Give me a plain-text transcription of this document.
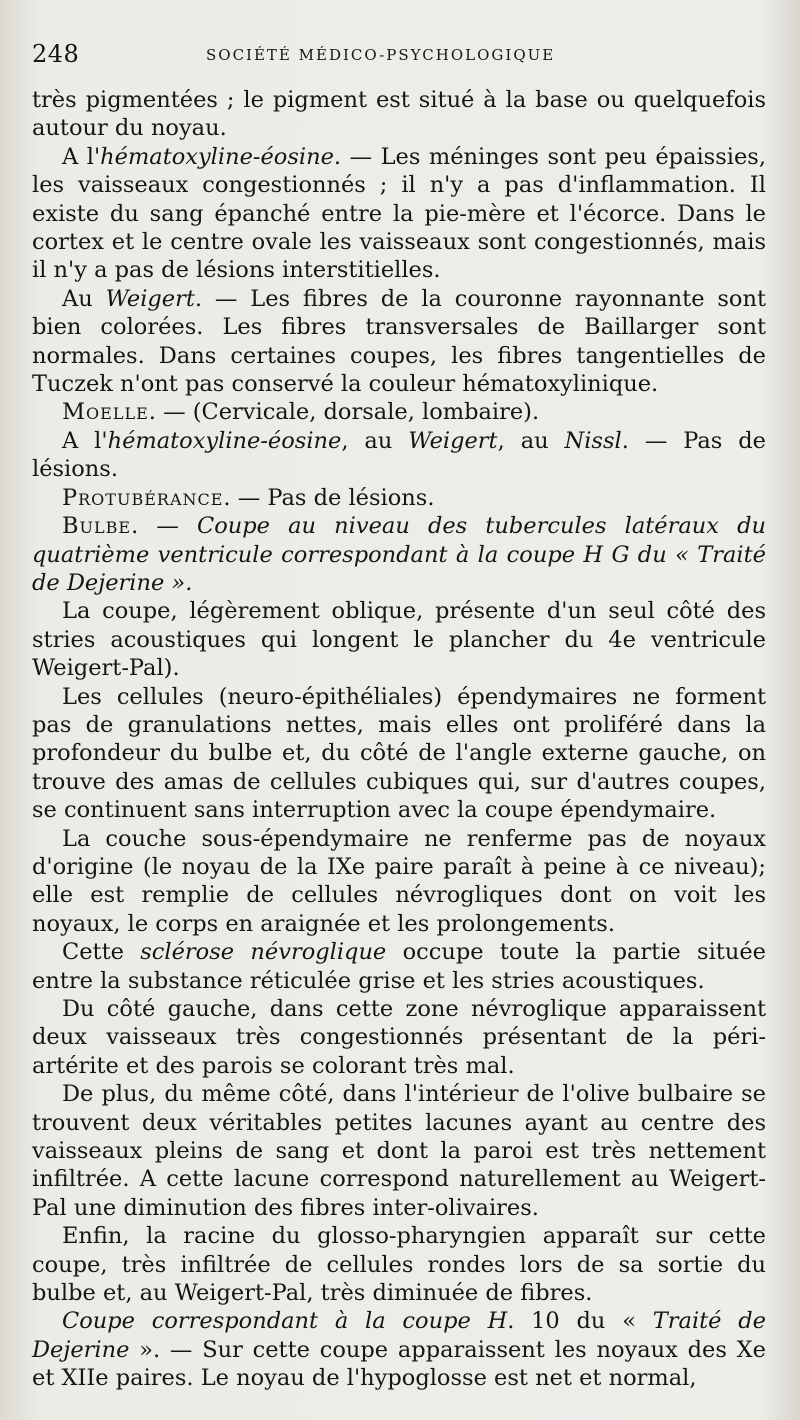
248	SOCIÉTÉ MÉDICO-PSYCHOLOGIQUE

très pigmentées ; le pigment est situé à la base ou quelquefois autour du noyau.

A l'hématoxyline-éosine. — Les méninges sont peu épaissies, les vaisseaux congestionnés ; il n'y a pas d'inflammation. Il existe du sang épanché entre la pie-mère et l'écorce. Dans le cortex et le centre ovale les vaisseaux sont congestionnés, mais il n'y a pas de lésions interstitielles.

Au Weigert. — Les fibres de la couronne rayonnante sont bien colorées. Les fibres transversales de Baillarger sont normales. Dans certaines coupes, les fibres tangentielles de Tuczek n'ont pas conservé la couleur hématoxylinique.

Moelle. — (Cervicale, dorsale, lombaire).

A l'hématoxyline-éosine, au Weigert, au Nissl. — Pas de lésions.

Protubérance. — Pas de lésions.

Bulbe. — Coupe au niveau des tubercules latéraux du quatrième ventricule correspondant à la coupe H G du « Traité de Dejerine ».

La coupe, légèrement oblique, présente d'un seul côté des stries acoustiques qui longent le plancher du 4e ventricule Weigert-Pal).

Les cellules (neuro-épithéliales) épendymaires ne forment pas de granulations nettes, mais elles ont proliféré dans la profondeur du bulbe et, du côté de l'angle externe gauche, on trouve des amas de cellules cubiques qui, sur d'autres coupes, se continuent sans interruption avec la coupe épendymaire.

La couche sous-épendymaire ne renferme pas de noyaux d'origine (le noyau de la IXe paire paraît à peine à ce niveau); elle est remplie de cellules névrogliques dont on voit les noyaux, le corps en araignée et les prolongements.

Cette sclérose névroglique occupe toute la partie située entre la substance réticulée grise et les stries acoustiques.

Du côté gauche, dans cette zone névroglique apparaissent deux vaisseaux très congestionnés présentant de la péri-artérite et des parois se colorant très mal.

De plus, du même côté, dans l'intérieur de l'olive bulbaire se trouvent deux véritables petites lacunes ayant au centre des vaisseaux pleins de sang et dont la paroi est très nettement infiltrée. A cette lacune correspond naturellement au Weigert-Pal une diminution des fibres inter-olivaires.

Enfin, la racine du glosso-pharyngien apparaît sur cette coupe, très infiltrée de cellules rondes lors de sa sortie du bulbe et, au Weigert-Pal, très diminuée de fibres.

Coupe correspondant à la coupe H. 10 du « Traité de Dejerine ». — Sur cette coupe apparaissent les noyaux des Xe et XIIe paires. Le noyau de l'hypoglosse est net et normal,
